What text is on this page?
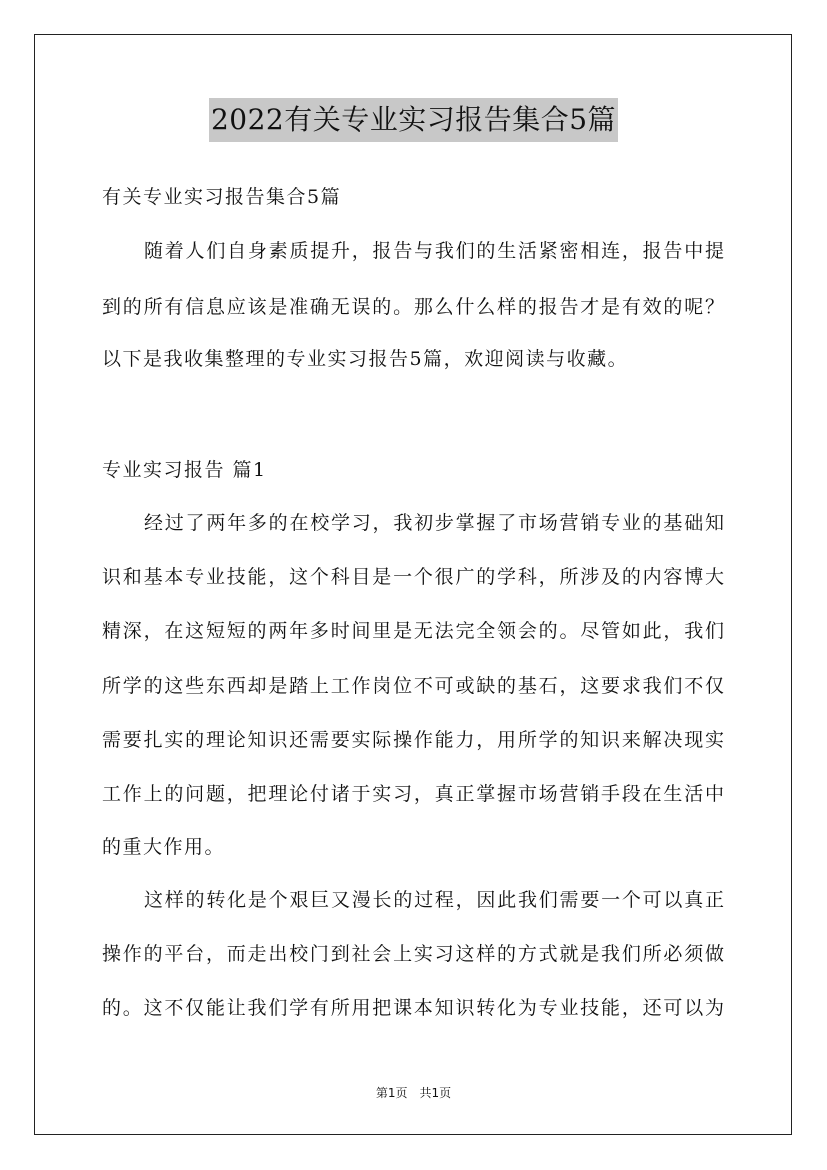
2022有关专业实习报告集合5篇
有关专业实习报告集合5篇
随着人们自身素质提升，报告与我们的生活紧密相连，报告中提
到的所有信息应该是准确无误的。那么什么样的报告才是有效的呢？
以下是我收集整理的专业实习报告5篇，欢迎阅读与收藏。
专业实习报告 篇1
经过了两年多的在校学习，我初步掌握了市场营销专业的基础知
识和基本专业技能，这个科目是一个很广的学科，所涉及的内容博大
精深，在这短短的两年多时间里是无法完全领会的。尽管如此，我们
所学的这些东西却是踏上工作岗位不可或缺的基石，这要求我们不仅
需要扎实的理论知识还需要实际操作能力，用所学的知识来解决现实
工作上的问题，把理论付诸于实习，真正掌握市场营销手段在生活中
的重大作用。
这样的转化是个艰巨又漫长的过程，因此我们需要一个可以真正
操作的平台，而走出校门到社会上实习这样的方式就是我们所必须做
的。这不仅能让我们学有所用把课本知识转化为专业技能，还可以为
第1页　共1页
